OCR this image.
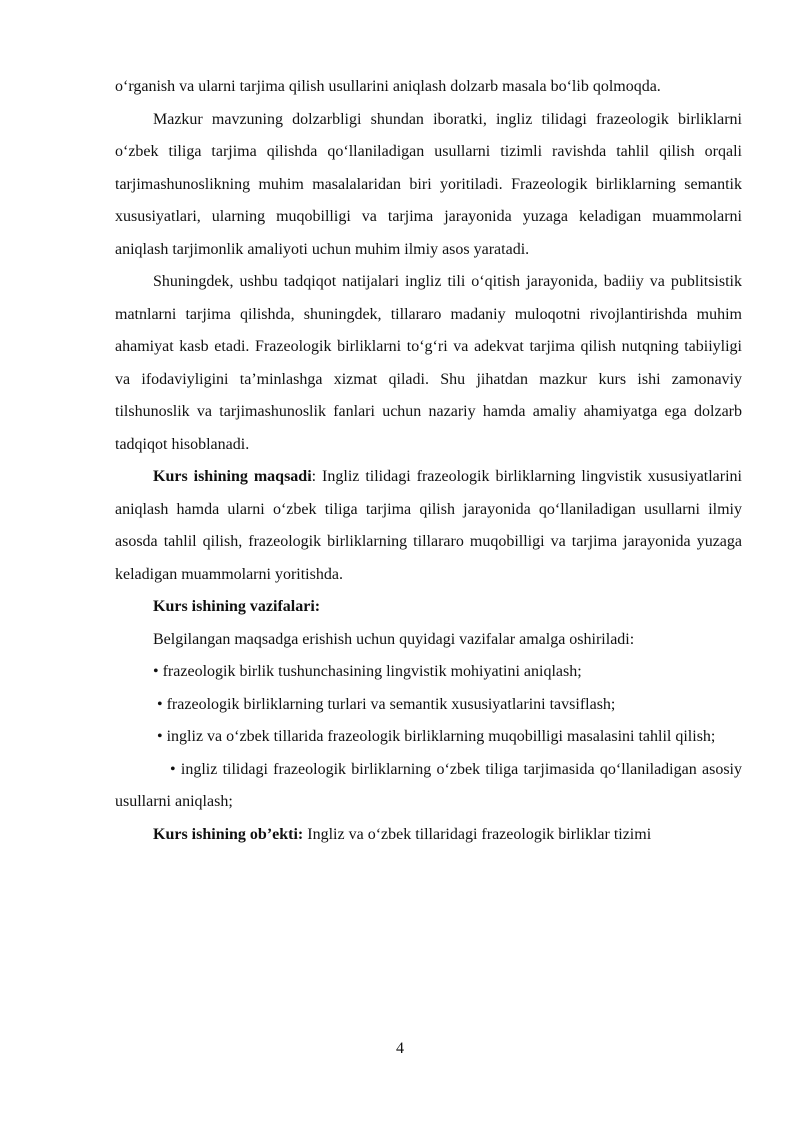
o‘rganish va ularni tarjima qilish usullarini aniqlash dolzarb masala bo‘lib qolmoqda.

Mazkur mavzuning dolzarbligi shundan iboratki, ingliz tilidagi frazeologik birliklarni o‘zbek tiliga tarjima qilishda qo‘llaniladigan usullarni tizimli ravishda tahlil qilish orqali tarjimashunoslikning muhim masalalaridan biri yoritiladi. Frazeologik birliklarning semantik xususiyatlari, ularning muqobilligi va tarjima jarayonida yuzaga keladigan muammolarni aniqlash tarjimonlik amaliyoti uchun muhim ilmiy asos yaratadi.

Shuningdek, ushbu tadqiqot natijalari ingliz tili o‘qitish jarayonida, badiiy va publitsistik matnlarni tarjima qilishda, shuningdek, tillararo madaniy muloqotni rivojlantirishda muhim ahamiyat kasb etadi. Frazeologik birliklarni to‘g‘ri va adekvat tarjima qilish nutqning tabiiyligi va ifodaviyligini ta’minlashga xizmat qiladi. Shu jihatdan mazkur kurs ishi zamonaviy tilshunoslik va tarjimashunoslik fanlari uchun nazariy hamda amaliy ahamiyatga ega dolzarb tadqiqot hisoblanadi.

Kurs ishining maqsadi: Ingliz tilidagi frazeologik birliklarning lingvistik xususiyatlarini aniqlash hamda ularni o‘zbek tiliga tarjima qilish jarayonida qo‘llaniladigan usullarni ilmiy asosda tahlil qilish, frazeologik birliklarning tillararo muqobilligi va tarjima jarayonida yuzaga keladigan muammolarni yoritishda.

Kurs ishining vazifalari:

Belgilangan maqsadga erishish uchun quyidagi vazifalar amalga oshiriladi:

• frazeologik birlik tushunchasining lingvistik mohiyatini aniqlash;

• frazeologik birliklarning turlari va semantik xususiyatlarini tavsiflash;

• ingliz va o‘zbek tillarida frazeologik birliklarning muqobilligi masalasini tahlil qilish;

• ingliz tilidagi frazeologik birliklarning o‘zbek tiliga tarjimasida qo‘llaniladigan asosiy usullarni aniqlash;

Kurs ishining ob’ekti: Ingliz va o‘zbek tillaridagi frazeologik birliklar tizimi

4
